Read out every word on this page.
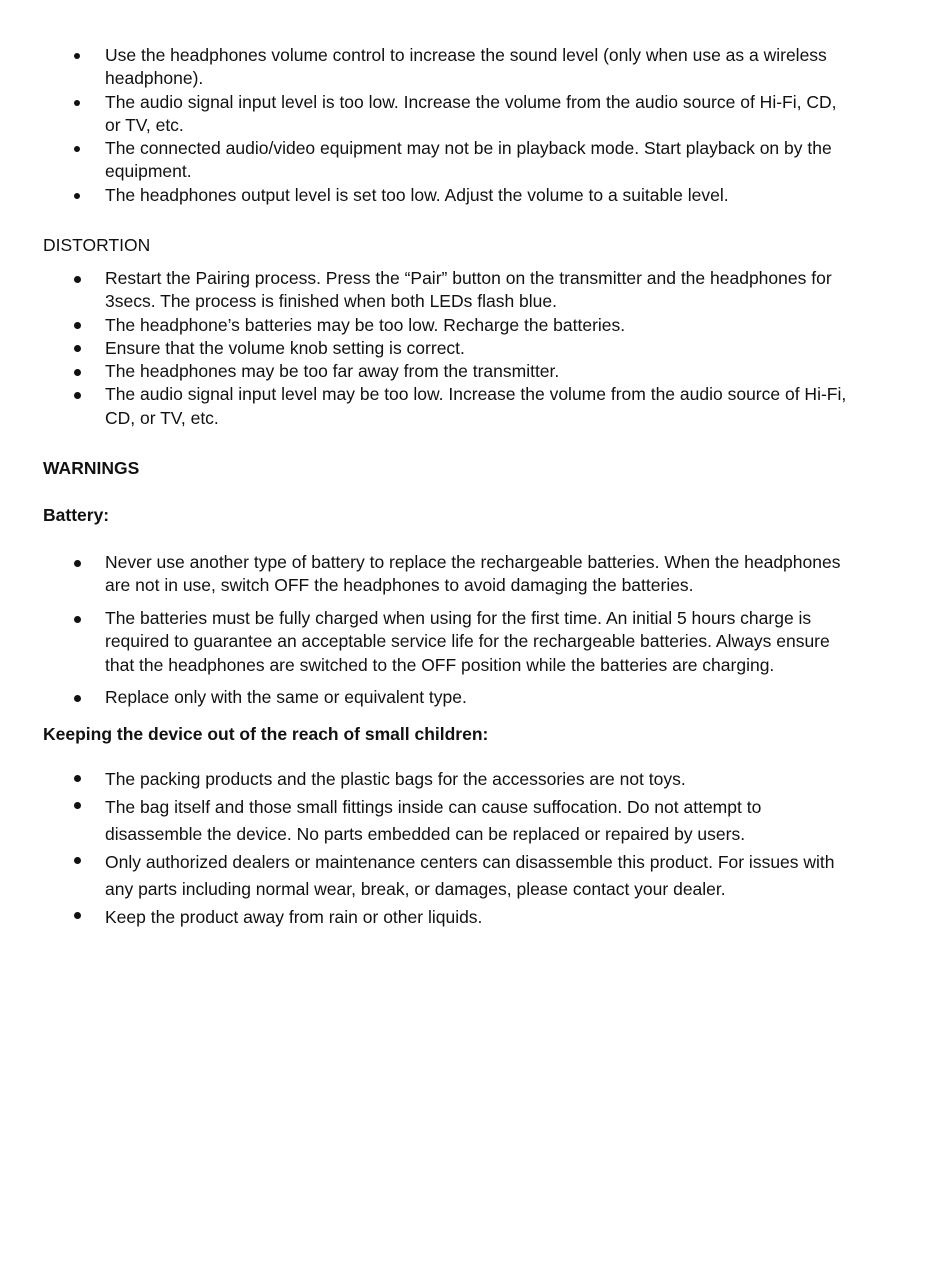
Use the headphones volume control to increase the sound level (only when use as a wireless headphone).
The audio signal input level is too low. Increase the volume from the audio source of Hi-Fi, CD, or TV, etc.
The connected audio/video equipment may not be in playback mode. Start playback on by the equipment.
The headphones output level is set too low. Adjust the volume to a suitable level.

DISTORTION

Restart the Pairing process. Press the “Pair” button on the transmitter and the headphones for 3secs. The process is finished when both LEDs flash blue.
The headphone’s batteries may be too low. Recharge the batteries.
Ensure that the volume knob setting is correct.
The headphones may be too far away from the transmitter.
The audio signal input level may be too low. Increase the volume from the audio source of Hi-Fi, CD, or TV, etc.

WARNINGS

Battery:

Never use another type of battery to replace the rechargeable batteries. When the headphones are not in use, switch OFF the headphones to avoid damaging the batteries.
The batteries must be fully charged when using for the first time. An initial 5 hours charge is required to guarantee an acceptable service life for the rechargeable batteries. Always ensure that the headphones are switched to the OFF position while the batteries are charging.
Replace only with the same or equivalent type.

Keeping the device out of the reach of small children:

The packing products and the plastic bags for the accessories are not toys.
The bag itself and those small fittings inside can cause suffocation. Do not attempt to disassemble the device. No parts embedded can be replaced or repaired by users.
Only authorized dealers or maintenance centers can disassemble this product. For issues with any parts including normal wear, break, or damages, please contact your dealer.
Keep the product away from rain or other liquids.
